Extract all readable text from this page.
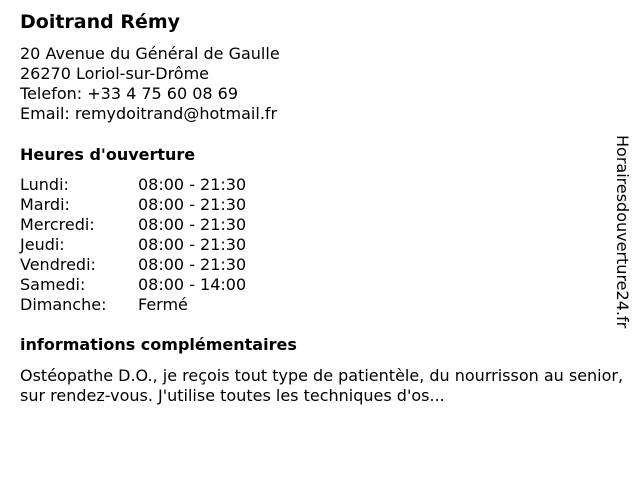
Doitrand Rémy
20 Avenue du Général de Gaulle
26270 Loriol-sur-Drôme
Telefon: +33 4 75 60 08 69
Email: remydoitrand@hotmail.fr
Heures d'ouverture
Lundi:	08:00 - 21:30
Mardi:	08:00 - 21:30
Mercredi:	08:00 - 21:30
Jeudi:	08:00 - 21:30
Vendredi:	08:00 - 21:30
Samedi:	08:00 - 14:00
Dimanche:	Fermé
informations complémentaires
Ostéopathe D.O., je reçois tout type de patientèle, du nourrisson au senior, sur rendez-vous. J'utilise toutes les techniques d'os...
Horairesdouverture24.fr
